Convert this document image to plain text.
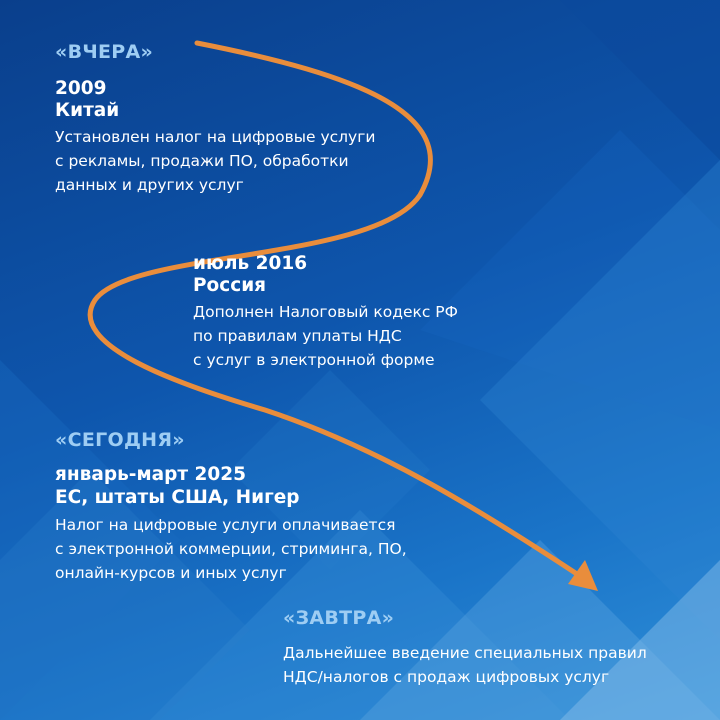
«ВЧЕРА»
2009
Китай
Установлен налог на цифровые услуги
с рекламы, продажи ПО, обработки
данных и других услуг
июль 2016
Россия
Дополнен Налоговый кодекс РФ
по правилам уплаты НДС
с услуг в электронной форме
«СЕГОДНЯ»
январь-март 2025
ЕС, штаты США, Нигер
Налог на цифровые услуги оплачивается
с электронной коммерции, стриминга, ПО,
онлайн-курсов и иных услуг
«ЗАВТРА»
Дальнейшее введение специальных правил
НДС/налогов с продаж цифровых услуг
